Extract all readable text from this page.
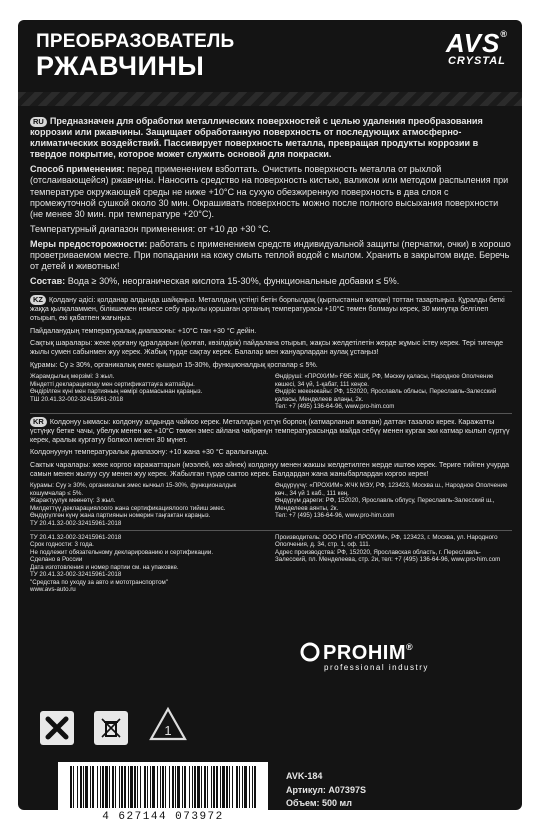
ПРЕОБРАЗОВАТЕЛЬ
РЖАВЧИНЫ
AVS®
CRYSTAL

RU Предназначен для обработки металлических поверхностей с целью удаления преобразования коррозии или ржавчины. Защищает обработанную поверхность от последующих атмосферно-климатических воздействий. Пассивирует поверхность металла, превращая продукты коррозии в твердое покрытие, которое может служить основой для покраски.

Способ применения: перед применением взболтать. Очистить поверхность металла от рыхлой (отслаивающейся) ржавчины. Наносить средство на поверхность кистью, валиком или методом распыления при температуре окружающей среды не ниже +10°С на сухую обезжиренную поверхность в два слоя с промежуточной сушкой около 30 мин. Окрашивать поверхность можно после полного высыхания поверхности (не менее 30 мин. при температуре +20°С).

Температурный диапазон применения: от +10 до +30 °С.

Меры предосторожности: работать с применением средств индивидуальной защиты (перчатки, очки) в хорошо проветриваемом месте. При попадании на кожу смыть теплой водой с мылом. Хранить в закрытом виде. Беречь от детей и животных!

Состав: Вода ≥ 30%, неорганическая кислота 15-30%, функциональные добавки ≤ 5%.

KZ Қолдану әдісі: қолданар алдында шайқаңыз. Металлдың үстіңгі бетін борпылдақ (қыртыстанып жатқан) тоттан тазартыңыз. Құралды беткі жаққа қылқаламмен, білікшемен немесе себу арқылы қоршаған ортаның температурасы +10°С төмен болмауы керек, 30 минутқа белгілеп отырып, екі қабатпен жағыңыз.

Пайдаланудың температуралық диапазоны: +10°С тан +30 °С дейін.

Сақтық шаралары: жеке қорғану құралдарын (қолғап, көзілдірік) пайдалана отырып, жақсы желдетілетін жерде жұмыс істеу керек. Тері тигенде жылы сумен сабынмен жуу керек. Жабық түрде сақтау керек. Балалар мен жануарлардан аулақ ұстаңыз!

Құрамы: Су ≥ 30%, органикалық емес қышқыл 15-30%, функционалдық қоспалар ≤ 5%.

Жарамдылық мерзімі: 3 жыл.
Міндетті декларациялау мен сертификаттауға жатпайды.
Өндірілген күні мен партияның нөмірі орамасынан қараңыз.
ТШ 20.41.32-002-32415961-2018
Өндіруші: «ПРОХИМ» ҒӨБ ЖШҚ, РФ, Мәскеу қаласы, Народное Ополчение көшесі, 34 үй, 1-қабат, 111 кеңсе.
Өндіріс мекенжайы: РФ, 152020, Ярославль облысы, Переславль-Залесский қаласы, Менделеев алаңы, 2к.
Тел: +7 (495) 136-64-96, www.pro-him.com

KR Колдонуу ыкмасы: колдонуу алдында чайкоо керек. Металлдын үстүн борпоң (катмарланып жаткан) даттан тазалоо керек. Каражатты үстүңкү бетке чачы, убелук менен же +10°С төмөн эмес айлана чөйрөнүн температурасында майда себүү менен кургак эки катмар кылып сүртүү керек, аралык кургатуу болжол менен 30 мүнөт.

Колдонуунун температуралык диапазону: +10 жана +30 °С аралыгында.

Сактык чаралары: жеке коргоо каражаттарын (мээлей, көз айнек) колдонуу менен жакшы желдетилген жерде иштөө керек. Териге тийген учурда самын менен жылуу суу менен жуу керек. Жабылган түрдө сактоо керек. Балдардан жана жаныбарлардан коргоо керек!

Курамы: Суу ≥ 30%, органикалык эмес кычкыл 15-30%, функционалдык кошумчалар ≤ 5%.
Жарактуулук мөөнөтү: 3 жыл.
Милдеттүү декларациялоого жана сертификациялоого тийиш эмес.
Өндүрүлгөн күнү жана партиянын номерин таңгактан караңыз.
ТУ 20.41.32-002-32415961-2018
Өндүрүүчү: «ПРОХИМ» ЖЧК МЭУ, РФ, 123423, Москва ш., Народное Ополчение көч., 34 үй 1 каб., 111 кең.
Өндүрүм дареги: РФ, 152020, Ярославль облусу, Переславль-Залесский ш., Менделеев аянты, 2к.
Тел: +7 (495) 136-64-96, www.pro-him.com
ТУ 20.41.32-002-32415961-2018
Срок годности: 3 года.
Не подлежит обязательному декларированию и сертификации.
Сделано в России
Дата изготовления и номер партии см. на упаковке.
ТУ 20.41.32-002-32415961-2018
"Средства по уходу за авто и мототранспортом"
www.avs-auto.ru
Производитель: ООО НПО «ПРОХИМ», РФ, 123423, г. Москва, ул. Народного Ополчения, д. 34, стр. 1, оф. 111.
Адрес производства: РФ, 152020, Ярославская область, г. Переславль-Залесский, пл. Менделеева, стр. 2и, тел: +7 (495) 136-64-96, www.pro-him.com
PROHIM®
professional industry
1
4 627144 073972
AVK-184
Артикул: A07397S
Объем: 500 мл
